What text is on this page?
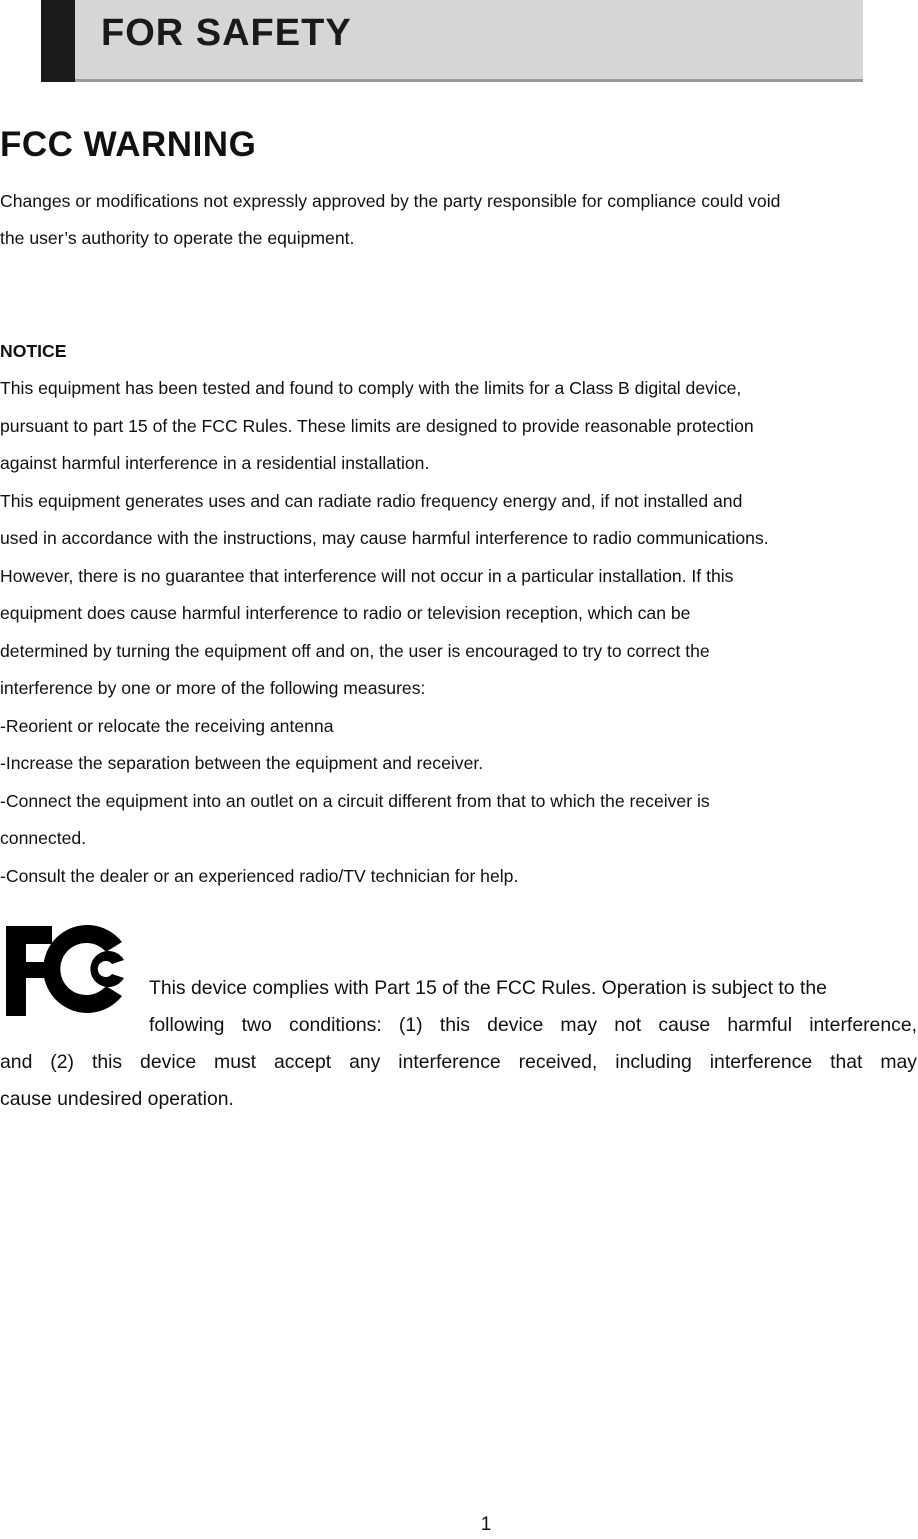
FOR SAFETY
FCC WARNING

Changes or modifications not expressly approved by the party responsible for compliance could void

the user’s authority to operate the equipment.

NOTICE

This equipment has been tested and found to comply with the limits for a Class B digital device,

pursuant to part 15 of the FCC Rules. These limits are designed to provide reasonable protection

against harmful interference in a residential installation.

This equipment generates uses and can radiate radio frequency energy and, if not installed and

used in accordance with the instructions, may cause harmful interference to radio communications.

However, there is no guarantee that interference will not occur in a particular installation. If this

equipment does cause harmful interference to radio or television reception, which can be

determined by turning the equipment off and on, the user is encouraged to try to correct the

interference by one or more of the following measures:

-Reorient or relocate the receiving antenna

-Increase the separation between the equipment and receiver.

-Connect the equipment into an outlet on a circuit different from that to which the receiver is

connected.

-Consult the dealer or an experienced radio/TV technician for help.

This device complies with Part 15 of the FCC Rules. Operation is subject to the
following two conditions: (1) this device may not cause harmful interference,
and (2) this device must accept any interference received, including interference that may
cause undesired operation.
1
